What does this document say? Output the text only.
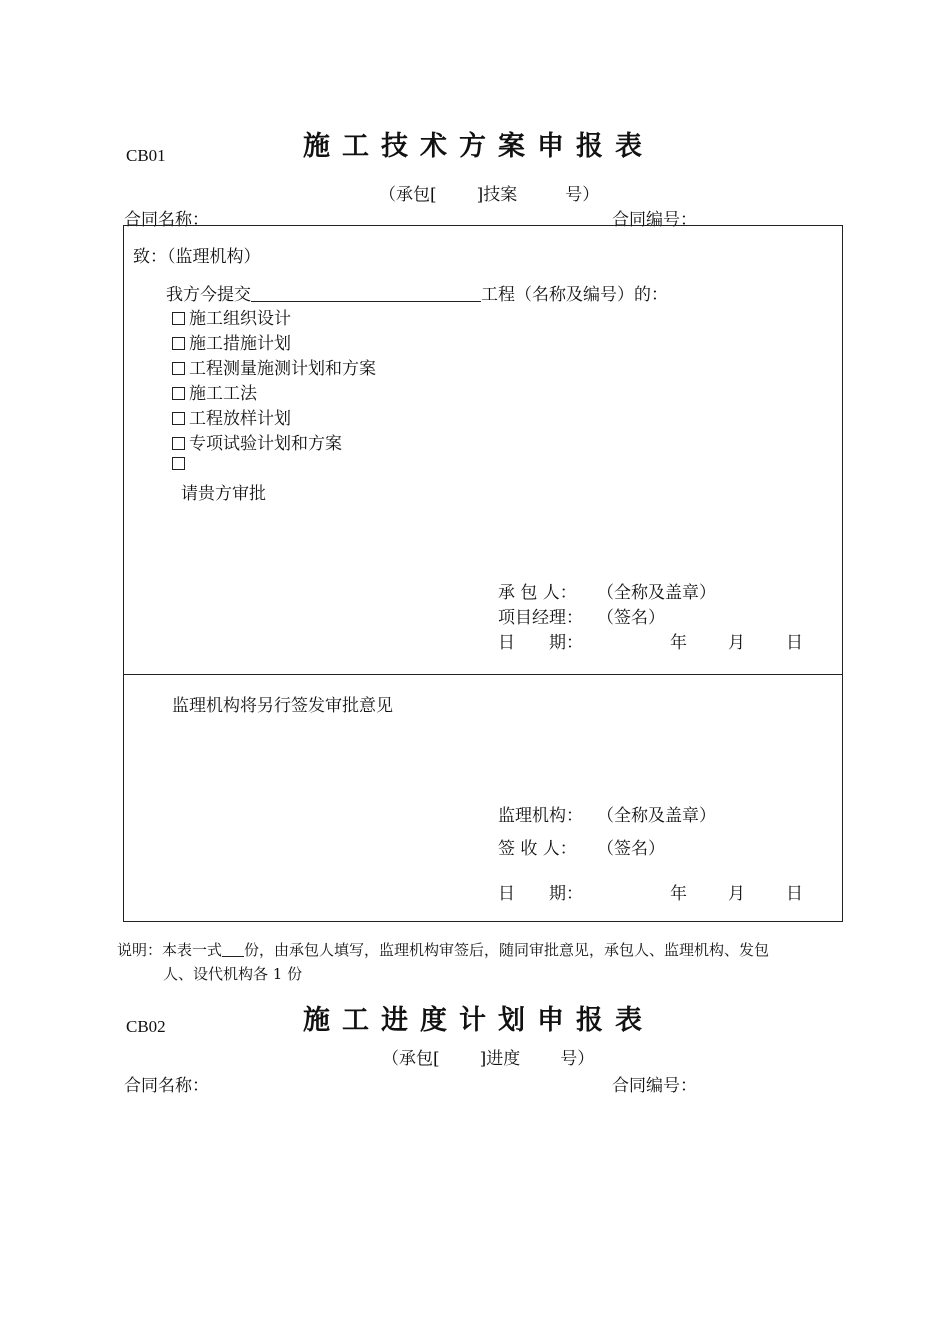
CB01	施工技术方案申报表
（承包[ ]技案	号）
合同名称：	合同编号：
致：（监理机构）
我方今提交	工程（名称及编号）的：
施工组织设计
施工措施计划
工程测量施测计划和方案
施工工法
工程放样计划
专项试验计划和方案
请贵方审批
承 包 人： （全称及盖章）
项目经理： （签名）
日　　期：	年 月 日
监理机构将另行签发审批意见
监理机构： （全称及盖章）
签 收 人： （签名）
日　　期：	年 月 日
说明：本表一式 份，由承包人填写，监理机构审签后，随同审批意见，承包人、监理机构、发包
人、设代机构各 1 份
CB02	施工进度计划申报表
（承包[ ]进度 号）
合同名称：	合同编号：
